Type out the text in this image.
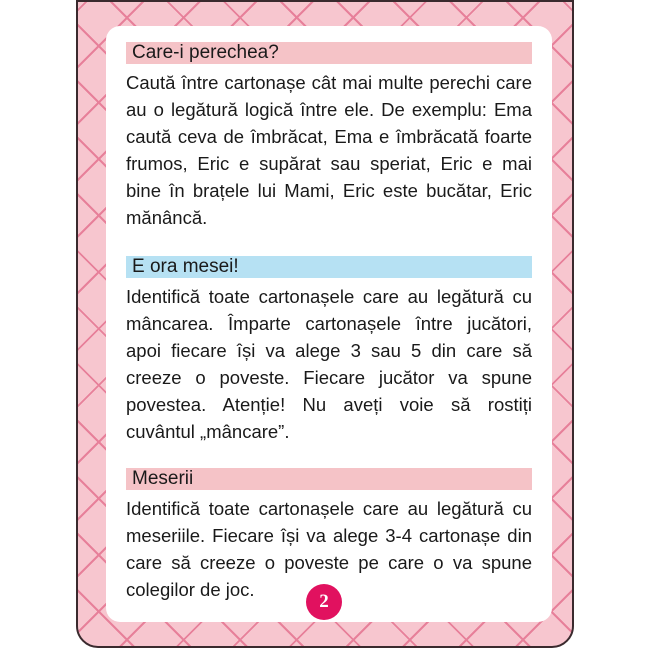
Care-i perechea?

Caută între cartonașe cât mai multe perechi care au o legătură logică între ele. De exemplu: Ema caută ceva de îmbrăcat, Ema e îmbrăcată foarte frumos, Eric e supărat sau speriat, Eric e mai bine în brațele lui Mami, Eric este bucătar, Eric mănâncă.

E ora mesei!

Identifică toate cartonașele care au legătură cu mâncarea. Împarte cartonașele între jucători, apoi fiecare își va alege 3 sau 5 din care să creeze o poveste. Fiecare jucător va spune povestea. Atenție! Nu aveți voie să rostiți cuvântul „mâncare”.

Meserii

Identifică toate cartonașele care au legătură cu meseriile. Fiecare își va alege 3-4 cartonașe din care să creeze o poveste pe care o va spune colegilor de joc.

2
